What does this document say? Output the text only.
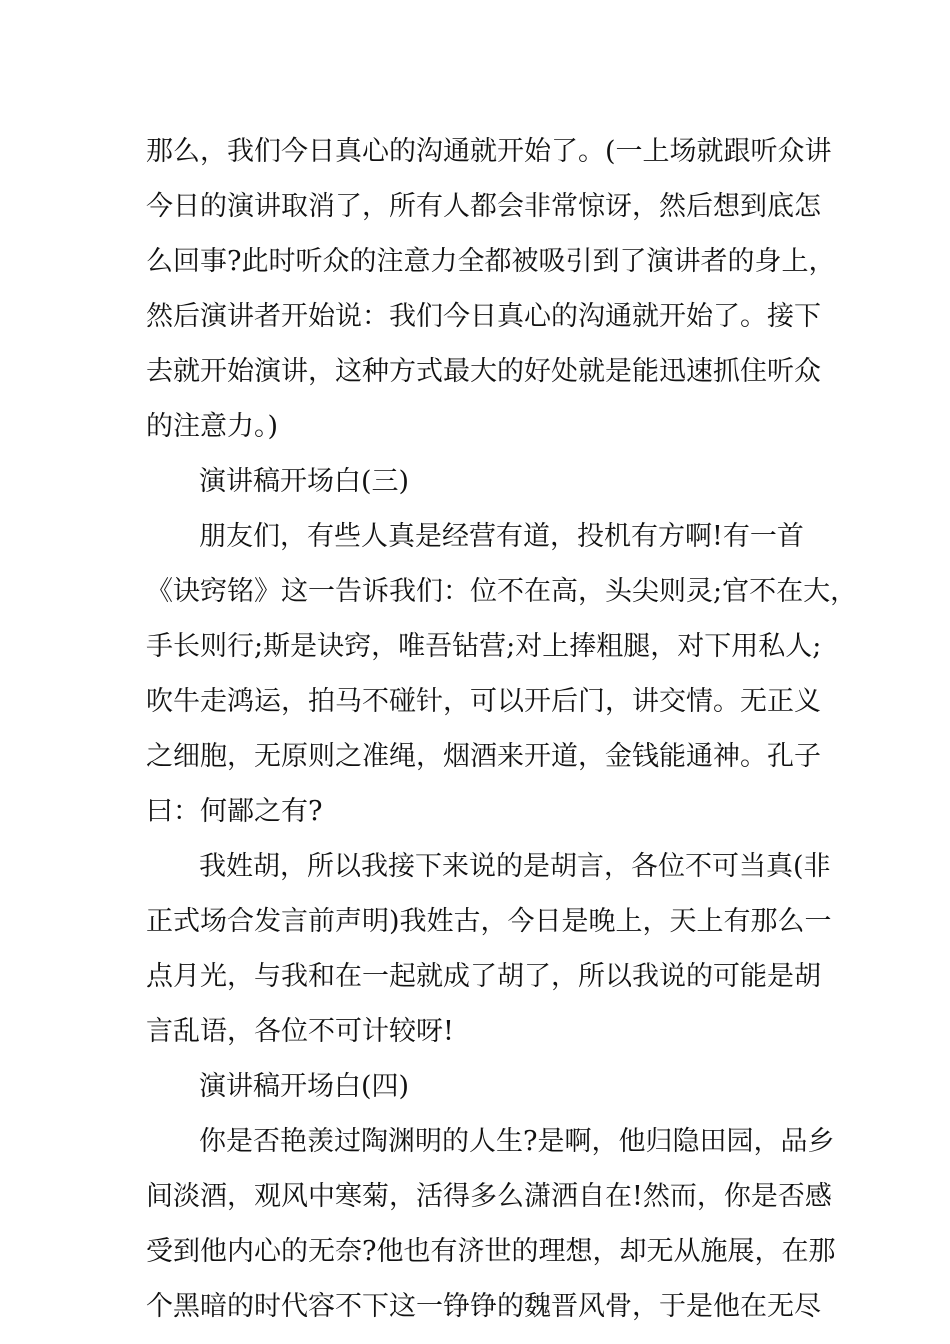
那么，我们今日真心的沟通就开始了。(一上场就跟听众讲
今日的演讲取消了，所有人都会非常惊讶，然后想到底怎
么回事?此时听众的注意力全都被吸引到了演讲者的身上，
然后演讲者开始说：我们今日真心的沟通就开始了。接下
去就开始演讲，这种方式最大的好处就是能迅速抓住听众
的注意力。)
演讲稿开场白(三)
朋友们，有些人真是经营有道，投机有方啊!有一首
《诀窍铭》这一告诉我们：位不在高，头尖则灵;官不在大，
手长则行;斯是诀窍，唯吾钻营;对上捧粗腿，对下用私人;
吹牛走鸿运，拍马不碰针，可以开后门，讲交情。无正义
之细胞，无原则之准绳，烟酒来开道，金钱能通神。孔子
曰：何鄙之有?
我姓胡，所以我接下来说的是胡言，各位不可当真(非
正式场合发言前声明)我姓古，今日是晚上，天上有那么一
点月光，与我和在一起就成了胡了，所以我说的可能是胡
言乱语，各位不可计较呀!
演讲稿开场白(四)
你是否艳羡过陶渊明的人生?是啊，他归隐田园，品乡
间淡酒，观风中寒菊，活得多么潇洒自在!然而，你是否感
受到他内心的无奈?他也有济世的理想，却无从施展，在那
个黑暗的时代容不下这一铮铮的魏晋风骨，于是他在无尽
